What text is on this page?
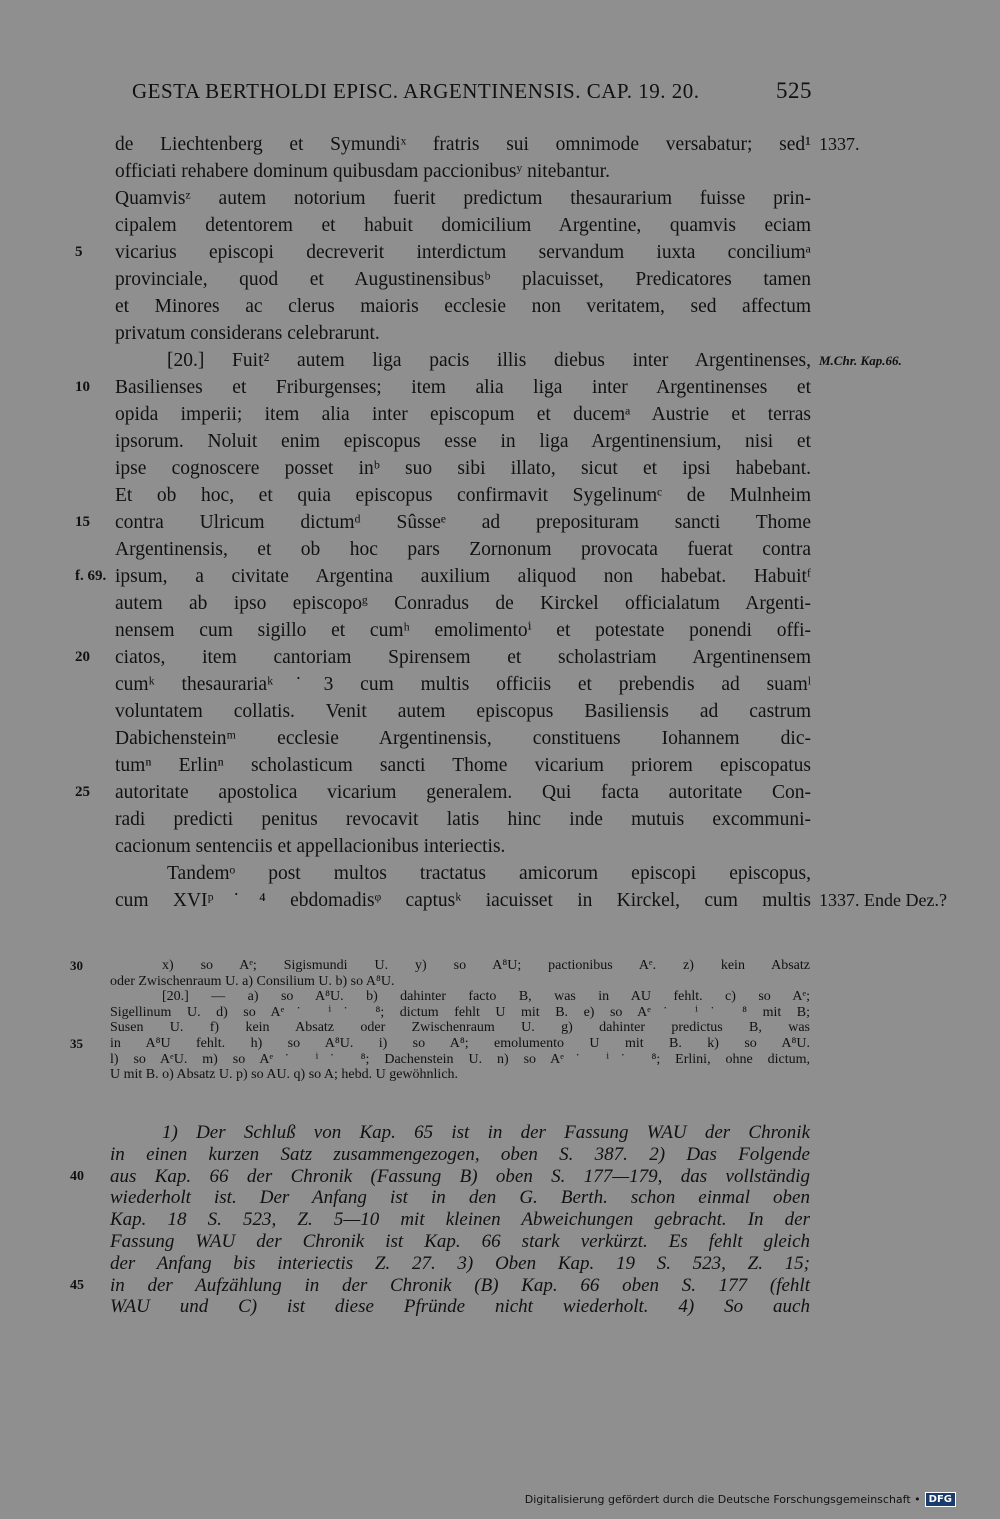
GESTA BERTHOLDI EPISC. ARGENTINENSIS. CAP. 19. 20.	525
de Liechtenberg et Symundiˣ fratris sui omnimode versabatur; sed¹ 1337.
officiati rehabere dominum quibusdam paccionibusʸ nitebantur.
Quamvisᶻ autem notorium fuerit predictum thesaurarium fuisse prin-
cipalem detentorem et habuit domicilium Argentine, quamvis eciam
vicarius episcopi decreverit interdictum servandum iuxta conciliumᵃ
5
provinciale, quod et Augustinensibusᵇ placuisset, Predicatores tamen
et Minores ac clerus maioris ecclesie non veritatem, sed affectum
privatum considerans celebrarunt.
[20.] Fuit² autem liga pacis illis diebus inter Argentinenses, M.Chr. Kap.66.
Basilienses et Friburgenses; item alia liga inter Argentinenses et
10
opida imperii; item alia inter episcopum et ducemᵃ Austrie et terras
ipsorum. Noluit enim episcopus esse in liga Argentinensium, nisi et
ipse cognoscere posset inᵇ suo sibi illato, sicut et ipsi habebant.
Et ob hoc, et quia episcopus confirmavit Sygelinumᶜ de Mulnheim
contra Ulricum dictumᵈ Sûsseᵉ ad preposituram sancti Thome
15
Argentinensis, et ob hoc pars Zornonum provocata fuerat contra
ipsum, a civitate Argentina auxilium aliquod non habebat. Habuitᶠ
f. 69.
autem ab ipso episcopoᵍ Conradus de Kirckel officialatum Argenti-
nensem cum sigillo et cumʰ emolimentoⁱ et potestate ponendi offi-
ciatos, item cantoriam Spirensem et scholastriam Argentinensem
20
cumᵏ thesaurariaᵏ˙3 cum multis officiis et prebendis ad suamˡ
voluntatem collatis. Venit autem episcopus Basiliensis ad castrum
Dabichensteinᵐ ecclesie Argentinensis, constituens Iohannem dic-
tumⁿ Erlinⁿ scholasticum sancti Thome vicarium priorem episcopatus
autoritate apostolica vicarium generalem. Qui facta autoritate Con-
25
radi predicti penitus revocavit latis hinc inde mutuis excommuni-
cacionum sentenciis et appellacionibus interiectis.
Tandemᵒ post multos tractatus amicorum episcopi episcopus,
cum XVIᵖ˙⁴ ebdomadisᵠ captusᵏ iacuisset in Kirckel, cum multis 1337. Ende Dez.?
x) so Aᵉ; Sigismundi U. y) so A⁸U; pactionibus Aᵉ. z) kein Absatz
30
oder Zwischenraum U. a) Consilium U. b) so A⁸U.
[20.] — a) so A⁸U. b) dahinter facto B, was in AU fehlt. c) so Aᵉ;
Sigellinum U. d) so Aᵉ˙ ⁱ˙ ⁸; dictum fehlt U mit B. e) so Aᵉ˙ ⁱ˙ ⁸ mit B;
Susen U. f) kein Absatz oder Zwischenraum U. g) dahinter predictus B, was
in A⁸U fehlt. h) so A⁸U. i) so A⁸; emolumento U mit B. k) so A⁸U.
35
l) so AᵉU. m) so Aᵉ˙ ⁱ˙ ⁸; Dachenstein U. n) so Aᵉ˙ ⁱ˙ ⁸; Erlini, ohne dictum,
U mit B. o) Absatz U. p) so AU. q) so A; hebd. U gewöhnlich.
1) Der Schluß von Kap. 65 ist in der Fassung WAU der Chronik
in einen kurzen Satz zusammengezogen, oben S. 387. 2) Das Folgende
aus Kap. 66 der Chronik (Fassung B) oben S. 177—179, das vollständig
40
wiederholt ist. Der Anfang ist in den G. Berth. schon einmal oben
Kap. 18 S. 523, Z. 5—10 mit kleinen Abweichungen gebracht. In der
Fassung WAU der Chronik ist Kap. 66 stark verkürzt. Es fehlt gleich
der Anfang bis interiectis Z. 27. 3) Oben Kap. 19 S. 523, Z. 15;
in der Aufzählung in der Chronik (B) Kap. 66 oben S. 177 (fehlt
45
WAU und C) ist diese Pfründe nicht wiederholt. 4) So auch
Digitalisierung gefördert durch die Deutsche Forschungsgemeinschaft • DFG
